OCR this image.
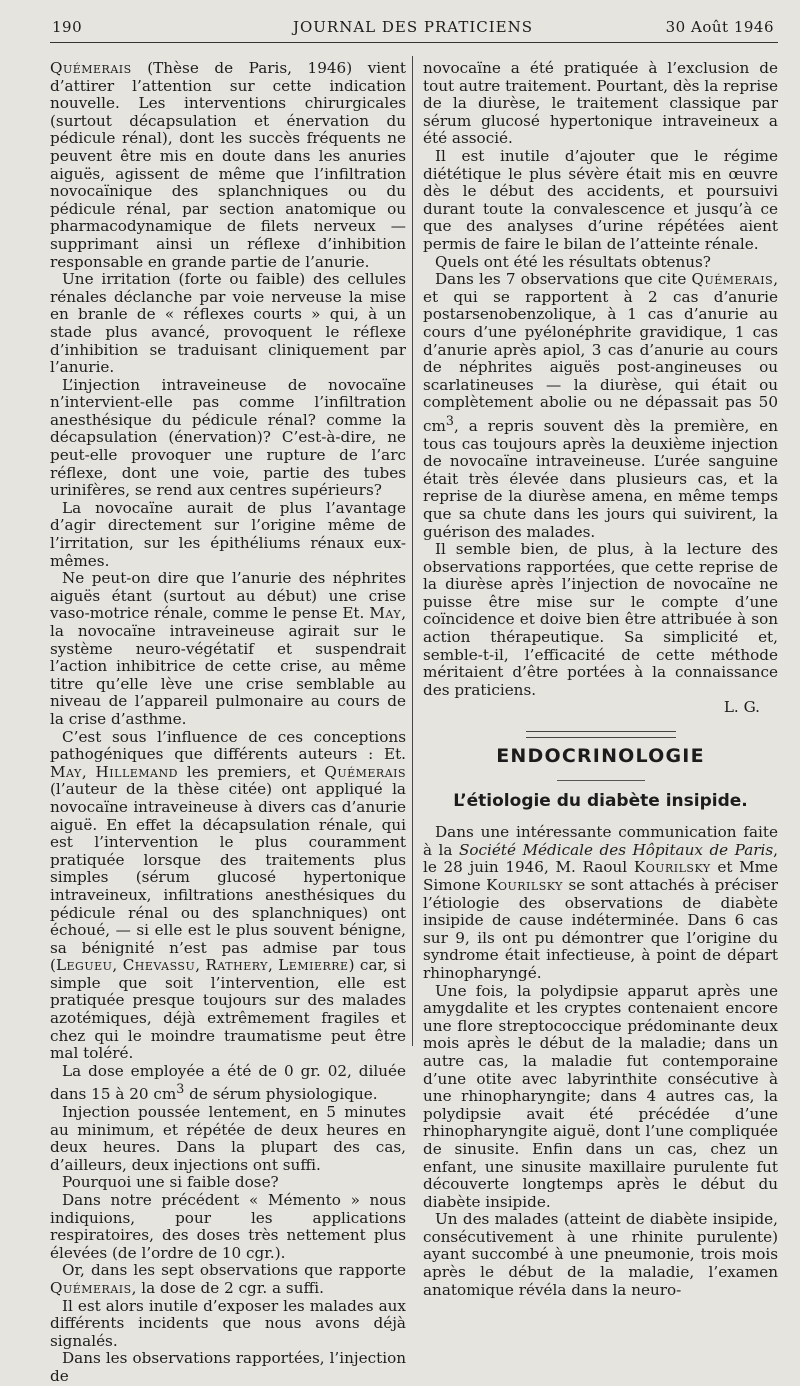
190	JOURNAL DES PRATICIENS	30 Août 1946

Quémerais (Thèse de Paris, 1946) vient d’attirer l’attention sur cette indication nouvelle. Les interventions chirurgicales (surtout décapsulation et énervation du pédicule rénal), dont les succès fréquents ne peuvent être mis en doute dans les anuries aiguës, agissent de même que l’infiltration novocaïnique des splanchniques ou du pédicule rénal, par section anatomique ou pharmacodynamique de filets nerveux — supprimant ainsi un réflexe d’inhibition responsable en grande partie de l’anurie.

Une irritation (forte ou faible) des cellules rénales déclanche par voie nerveuse la mise en branle de « réflexes courts » qui, à un stade plus avancé, provoquent le réflexe d’inhibition se traduisant cliniquement par l’anurie.

L’injection intraveineuse de novocaïne n’intervient-elle pas comme l’infiltration anesthésique du pédicule rénal? comme la décapsulation (énervation)? C’est-à-dire, ne peut-elle provoquer une rupture de l’arc réflexe, dont une voie, partie des tubes urinifères, se rend aux centres supérieurs?

La novocaïne aurait de plus l’avantage d’agir directement sur l’origine même de l’irritation, sur les épithéliums rénaux eux-mêmes.

Ne peut-on dire que l’anurie des néphrites aiguës étant (surtout au début) une crise vaso-motrice rénale, comme le pense Et. May, la novocaïne intraveineuse agirait sur le système neuro-végétatif et suspendrait l’action inhibitrice de cette crise, au même titre qu’elle lève une crise semblable au niveau de l’appareil pulmonaire au cours de la crise d’asthme.

C’est sous l’influence de ces conceptions pathogéniques que différents auteurs : Et. May, Hillemand les premiers, et Quémerais (l’auteur de la thèse citée) ont appliqué la novocaïne intraveineuse à divers cas d’anurie aiguë. En effet la décapsulation rénale, qui est l’intervention le plus couramment pratiquée lorsque des traitements plus simples (sérum glucosé hypertonique intraveineux, infiltrations anesthésiques du pédicule rénal ou des splanchniques) ont échoué, — si elle est le plus souvent bénigne, sa bénignité n’est pas admise par tous (Legueu, Chevassu, Rathery, Lemierre) car, si simple que soit l’intervention, elle est pratiquée presque toujours sur des malades azotémiques, déjà extrêmement fragiles et chez qui le moindre traumatisme peut être mal toléré.

La dose employée a été de 0 gr. 02, diluée dans 15 à 20 $cm^3$ de sérum physiologique.

Injection poussée lentement, en 5 minutes au minimum, et répétée de deux heures en deux heures. Dans la plupart des cas, d’ailleurs, deux injections ont suffi.

Pourquoi une si faible dose?

Dans notre précédent « Mémento » nous indiquions, pour les applications respiratoires, des doses très nettement plus élevées (de l’ordre de 10 cgr.).

Or, dans les sept observations que rapporte Quémerais, la dose de 2 cgr. a suffi.

Il est alors inutile d’exposer les malades aux différents incidents que nous avons déjà signalés.

Dans les observations rapportées, l’injection de

novocaïne a été pratiquée à l’exclusion de tout autre traitement. Pourtant, dès la reprise de la diurèse, le traitement classique par sérum glucosé hypertonique intraveineux a été associé.

Il est inutile d’ajouter que le régime diététique le plus sévère était mis en œuvre dès le début des accidents, et poursuivi durant toute la convalescence et jusqu’à ce que des analyses d’urine répétées aient permis de faire le bilan de l’atteinte rénale.

Quels ont été les résultats obtenus?

Dans les 7 observations que cite Quémerais, et qui se rapportent à 2 cas d’anurie postarsenobenzolique, à 1 cas d’anurie au cours d’une pyélonéphrite gravidique, 1 cas d’anurie après apiol, 3 cas d’anurie au cours de néphrites aiguës post-angineuses ou scarlatineuses — la diurèse, qui était ou complètement abolie ou ne dépassait pas 50 $cm^3$, a repris souvent dès la première, en tous cas toujours après la deuxième injection de novocaïne intraveineuse. L’urée sanguine était très élevée dans plusieurs cas, et la reprise de la diurèse amena, en même temps que sa chute dans les jours qui suivirent, la guérison des malades.

Il semble bien, de plus, à la lecture des observations rapportées, que cette reprise de la diurèse après l’injection de novocaïne ne puisse être mise sur le compte d’une coïncidence et doive bien être attribuée à son action thérapeutique. Sa simplicité et, semble-t-il, l’efficacité de cette méthode méritaient d’être portées à la connaissance des praticiens.

L. G.
ENDOCRINOLOGIE
L’étiologie du diabète insipide.

Dans une intéressante communication faite à la Société Médicale des Hôpitaux de Paris, le 28 juin 1946, M. Raoul Kourilsky et Mme Simone Kourilsky se sont attachés à préciser l’étiologie des observations de diabète insipide de cause indéterminée. Dans 6 cas sur 9, ils ont pu démontrer que l’origine du syndrome était infectieuse, à point de départ rhinopharyngé.

Une fois, la polydipsie apparut après une amygdalite et les cryptes contenaient encore une flore streptococcique prédominante deux mois après le début de la maladie; dans un autre cas, la maladie fut contemporaine d’une otite avec labyrinthite consécutive à une rhinopharyngite; dans 4 autres cas, la polydipsie avait été précédée d’une rhinopharyngite aiguë, dont l’une compliquée de sinusite. Enfin dans un cas, chez un enfant, une sinusite maxillaire purulente fut découverte longtemps après le début du diabète insipide.

Un des malades (atteint de diabète insipide, consécutivement à une rhinite purulente) ayant succombé à une pneumonie, trois mois après le début de la maladie, l’examen anatomique révéla dans la neuro-
